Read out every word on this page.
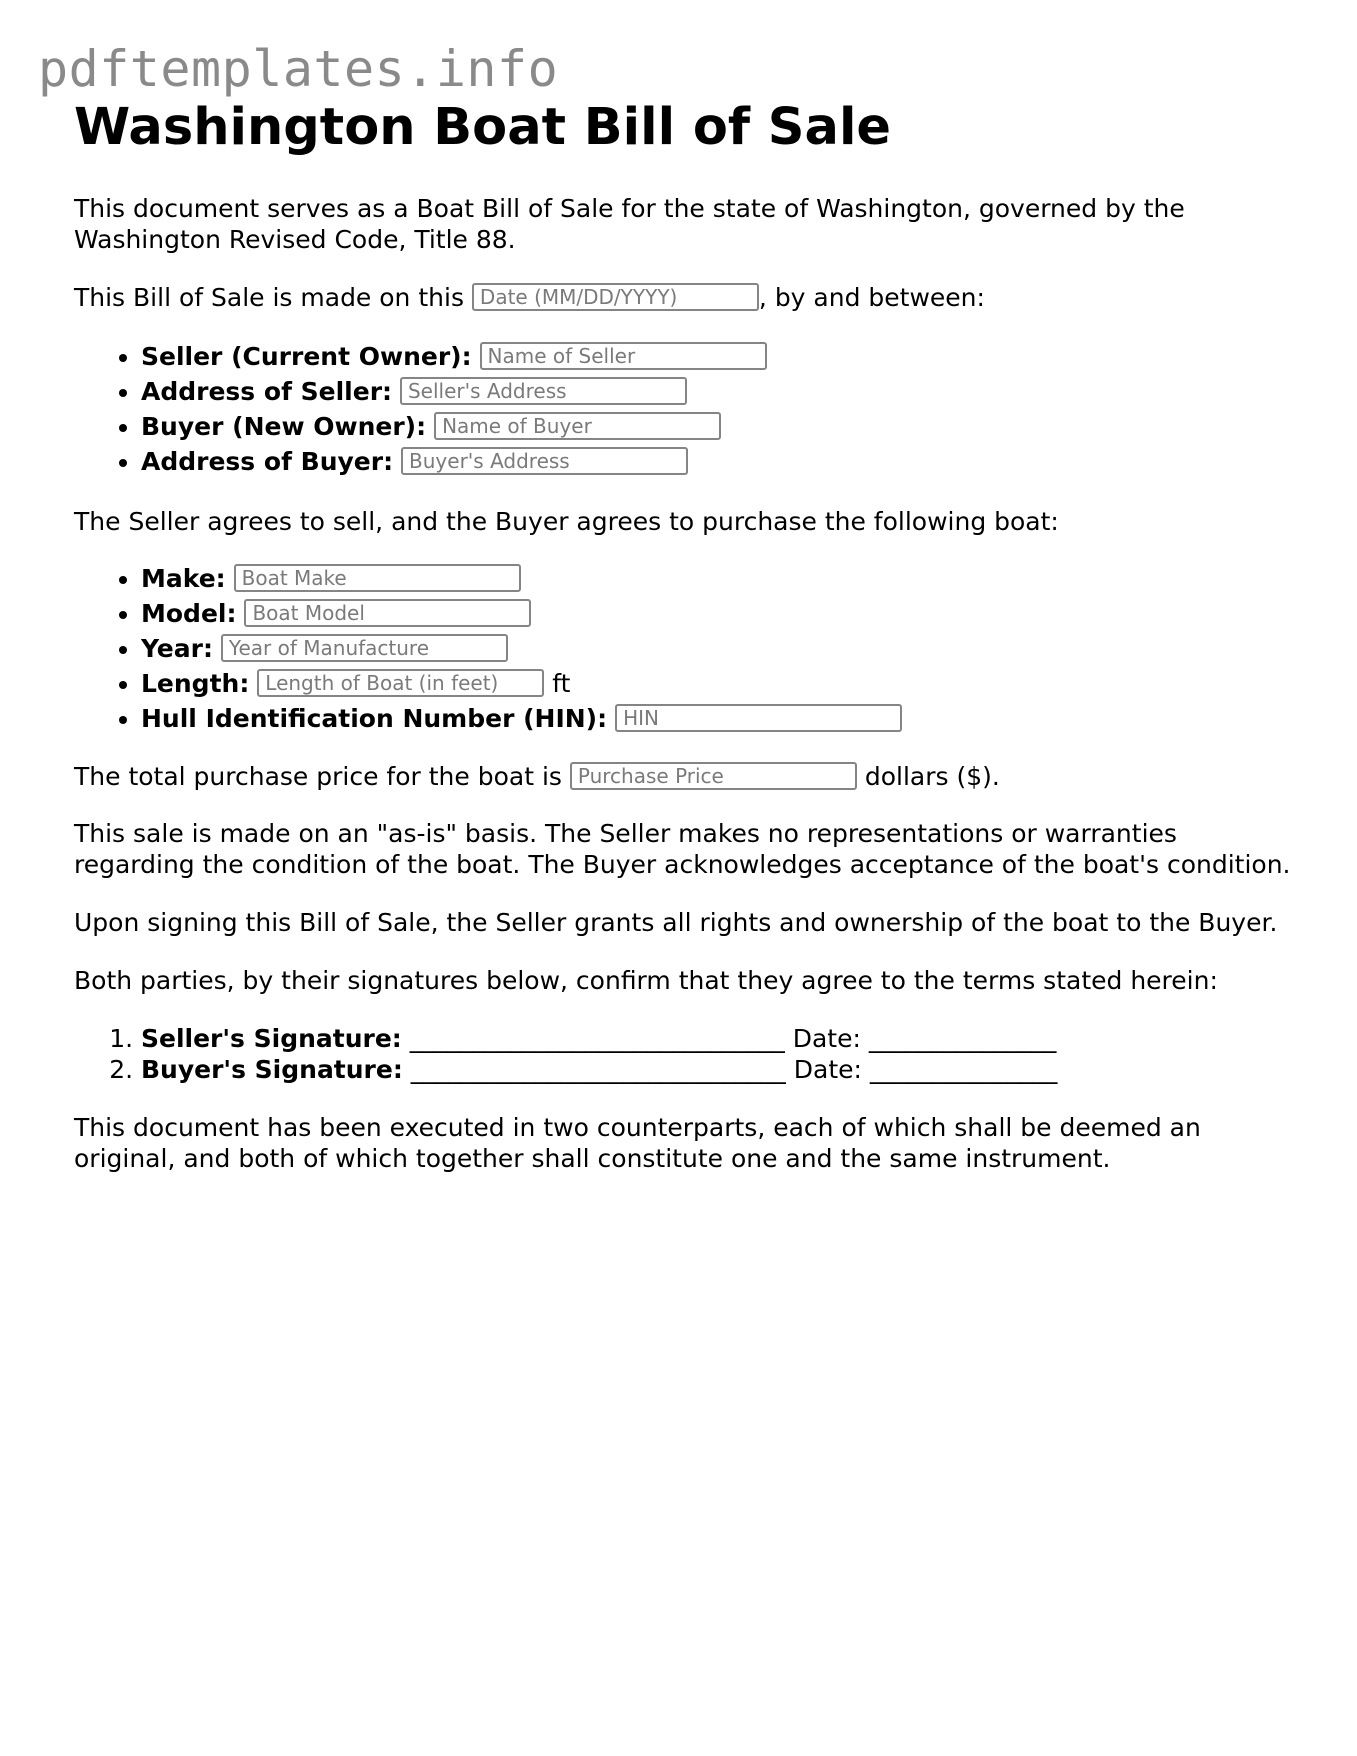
pdftemplates.info
Washington Boat Bill of Sale

This document serves as a Boat Bill of Sale for the state of Washington, governed by the Washington Revised Code, Title 88.

This Bill of Sale is made on this Date (MM/DD/YYYY)	, by and between:

• Seller (Current Owner): Name of Seller
• Address of Seller: Seller's Address
• Buyer (New Owner): Name of Buyer
• Address of Buyer: Buyer's Address

The Seller agrees to sell, and the Buyer agrees to purchase the following boat:

• Make: Boat Make
• Model: Boat Model
• Year: Year of Manufacture
• Length: Length of Boat (in feet) ft
• Hull Identification Number (HIN): HIN

The total purchase price for the boat is Purchase Price	dollars ($).

This sale is made on an "as-is" basis. The Seller makes no representations or warranties regarding the condition of the boat. The Buyer acknowledges acceptance of the boat's condition.

Upon signing this Bill of Sale, the Seller grants all rights and ownership of the boat to the Buyer.

Both parties, by their signatures below, confirm that they agree to the terms stated herein:

1. Seller's Signature: ______________________________ Date: _______________
2. Buyer's Signature: ______________________________ Date: _______________

This document has been executed in two counterparts, each of which shall be deemed an original, and both of which together shall constitute one and the same instrument.
